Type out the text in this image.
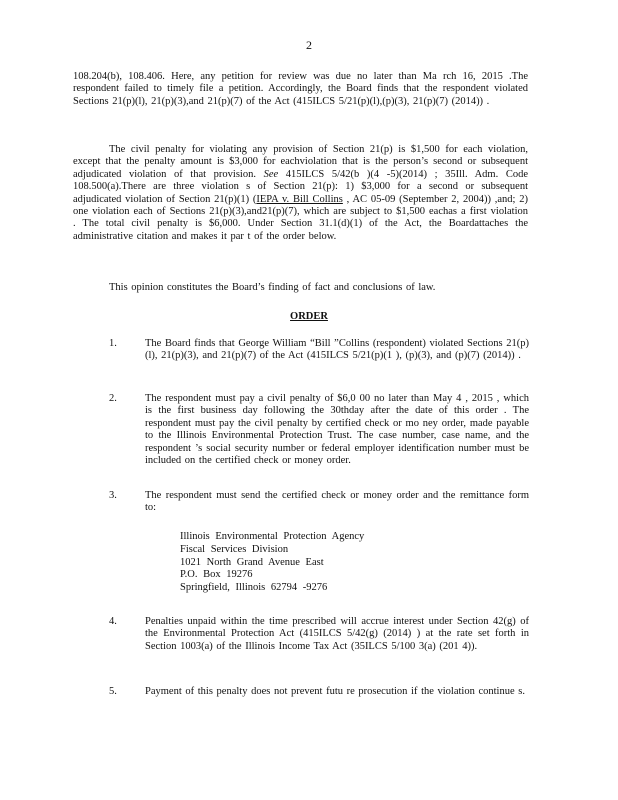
2
108.204(b), 108.406. Here, any petition for review was due no later than Ma rch 16, 2015 .The respondent failed to timely file a petition. Accordingly, the Board finds that the respondent violated Sections 21(p)(l), 21(p)(3),and 21(p)(7) of the Act (415ILCS 5/21(p)(l),(p)(3), 21(p)(7) (2014)) .
The civil penalty for violating any provision of Section 21(p) is $1,500 for each violation, except that the penalty amount is $3,000 for eachviolation that is the person’s second or subsequent adjudicated violation of that provision. See 415ILCS 5/42(b )(4 -5)(2014) ; 35Ill. Adm. Code 108.500(a).There are three violation s of Section 21(p): 1) $3,000 for a second or subsequent adjudicated violation of Section 21(p)(1) (IEPA v. Bill Collins , AC 05-09 (September 2, 2004)) ,and; 2) one violation each of Sections 21(p)(3),and21(p)(7), which are subject to $1,500 eachas a first violation . The total civil penalty is $6,000. Under Section 31.1(d)(1) of the Act, the Boardattaches the administrative citation and makes it par t of the order below.
This opinion constitutes the Board’s finding of fact and conclusions of law.
ORDER
1.	The Board finds that George William “Bill ”Collins (respondent) violated Sections 21(p)(l), 21(p)(3), and 21(p)(7) of the Act (415ILCS 5/21(p)(1 ), (p)(3), and (p)(7) (2014)) .
2.	The respondent must pay a civil penalty of $6,0 00 no later than May 4 , 2015 , which is the first business day following the 30thday after the date of this order . The respondent must pay the civil penalty by certified check or mo ney order, made payable to the Illinois Environmental Protection Trust. The case number, case name, and the respondent ’s social security number or federal employer identification number must be included on the certified check or money order.
3.	The respondent must send the certified check or money order and the remittance form to:
Illinois Environmental Protection Agency
Fiscal Services Division
1021 North Grand Avenue East
P.O. Box 19276
Springfield, Illinois 62794 -9276
4.	Penalties unpaid within the time prescribed will accrue interest under Section 42(g) of the Environmental Protection Act (415ILCS 5/42(g) (2014) ) at the rate set forth in Section 1003(a) of the Illinois Income Tax Act (35ILCS 5/100 3(a) (201 4)).
5.	Payment of this penalty does not prevent futu re prosecution if the violation continue s.
